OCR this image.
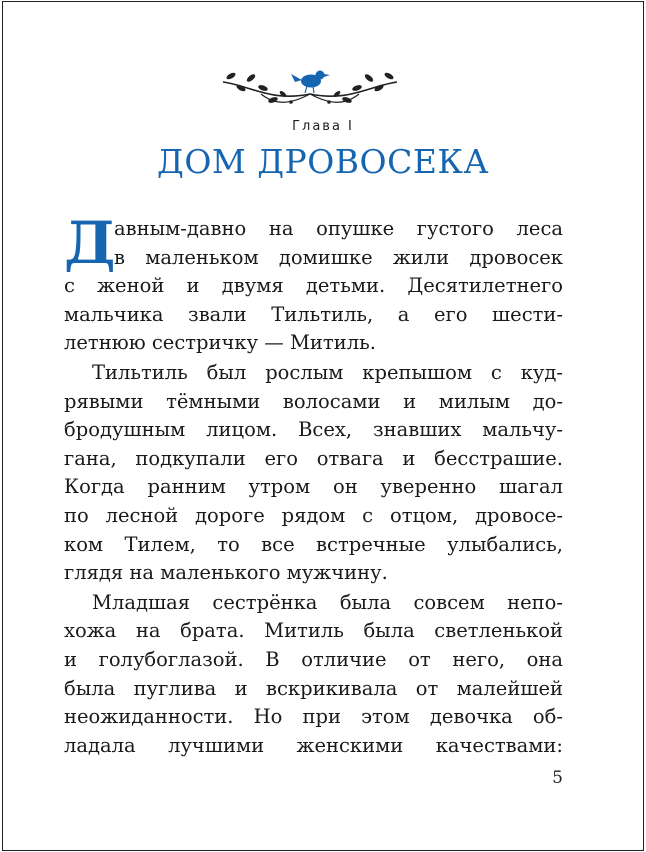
Глава I
ДОМ ДРОВОСЕКА
Д
авным-давно на опушке густого леса
в маленьком домишке жили дровосек
с женой и двумя детьми. Десятилетнего
мальчика звали Тильтиль, а его шести-
летнюю сестричку — Митиль.
Тильтиль был рослым крепышом с куд-
рявыми тёмными волосами и милым до-
бродушным лицом. Всех, знавших мальчу-
гана, подкупали его отвага и бесстрашие.
Когда ранним утром он уверенно шагал
по лесной дороге рядом с отцом, дровосе-
ком Тилем, то все встречные улыбались,
глядя на маленького мужчину.
Младшая сестрёнка была совсем непо-
хожа на брата. Митиль была светленькой
и голубоглазой. В отличие от него, она
была пуглива и вскрикивала от малейшей
неожиданности. Но при этом девочка об-
ладала лучшими женскими качествами:
5
